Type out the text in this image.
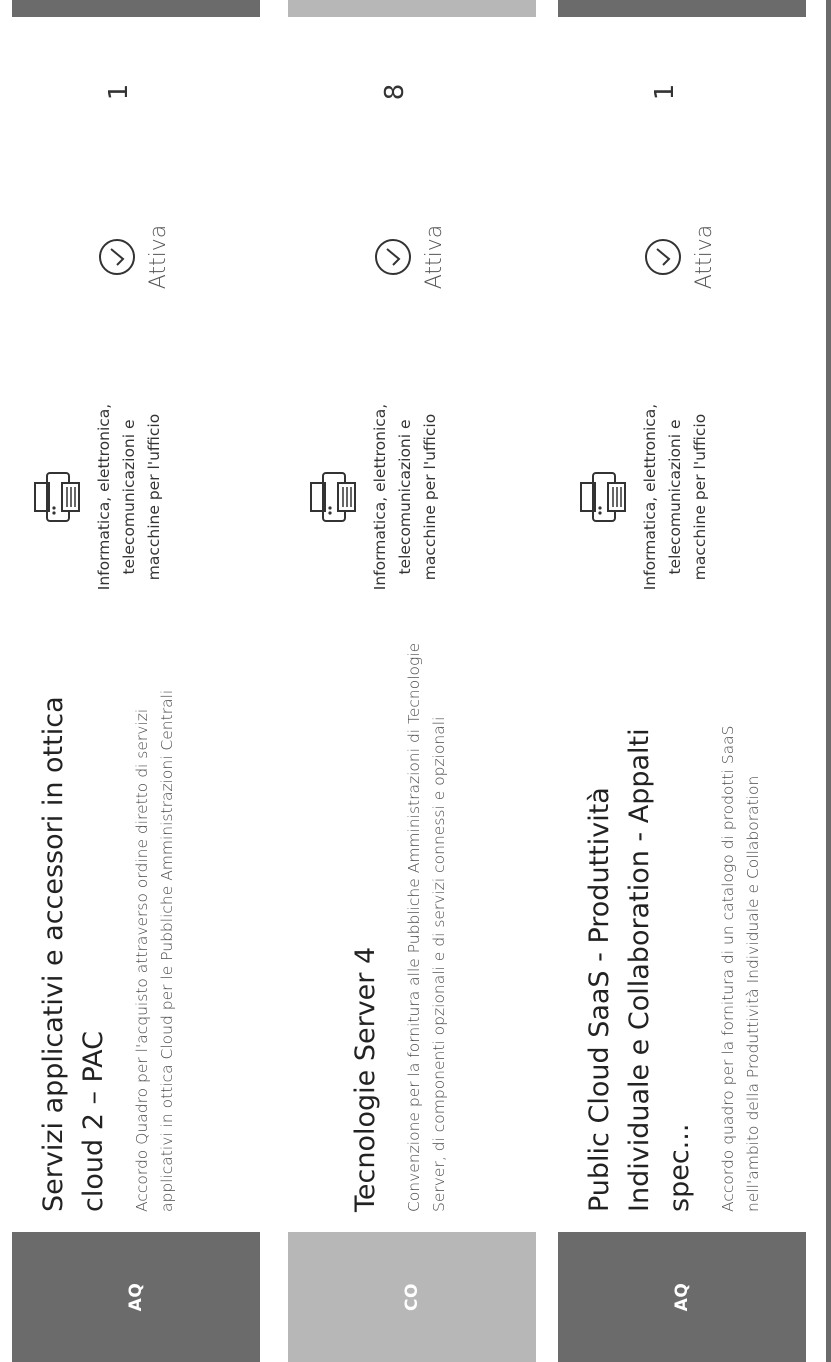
AQ

Servizi applicativi e accessori in ottica cloud 2 – PAC	Accordo Quadro per l'acquisto attraverso ordine diretto di servizi applicativi in ottica Cloud per le Pubbliche Amministrazioni Centrali

Informatica, elettronica, telecomunicazioni e macchine per l'ufficio
Attiva
1
CO

Tecnologie Server 4	Convenzione per la fornitura alle Pubbliche Amministrazioni di Tecnologie Server, di componenti opzionali e di servizi connessi e opzionali

Informatica, elettronica, telecomunicazioni e macchine per l'ufficio
Attiva
8
AQ

Public Cloud SaaS - Produttività Individuale e Collaboration - Appalti spec...	Accordo quadro per la fornitura di un catalogo di prodotti SaaS nell'ambito della Produttività Individuale e Collaboration

Informatica, elettronica, telecomunicazioni e macchine per l'ufficio
Attiva
1
